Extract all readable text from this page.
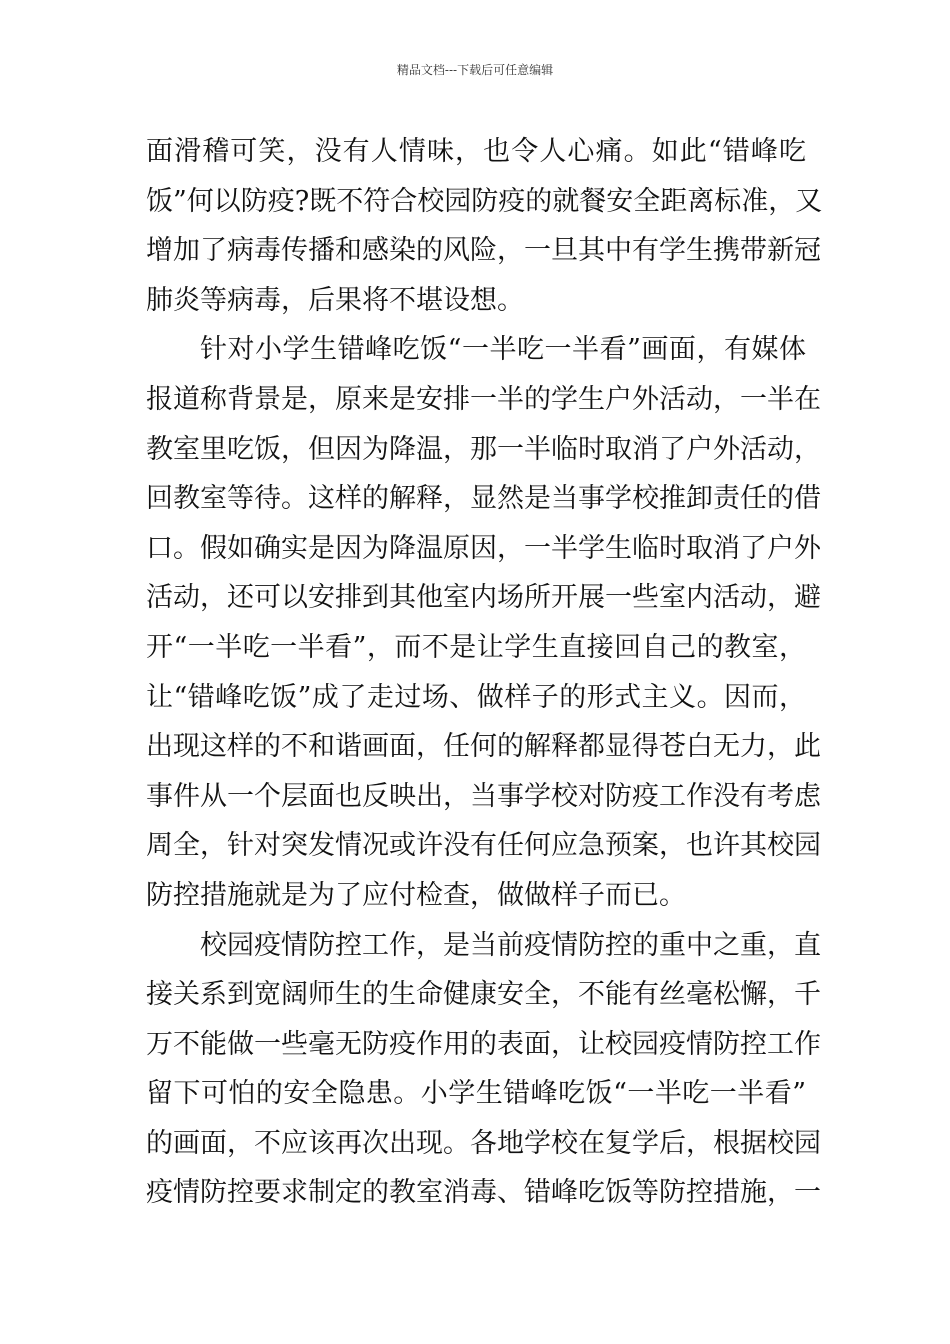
精品文档---下载后可任意编辑
面滑稽可笑，没有人情味，也令人心痛。如此“错峰吃
饭”何以防疫?既不符合校园防疫的就餐安全距离标准，又
增加了病毒传播和感染的风险，一旦其中有学生携带新冠
肺炎等病毒，后果将不堪设想。
针对小学生错峰吃饭“一半吃一半看”画面，有媒体
报道称背景是，原来是安排一半的学生户外活动，一半在
教室里吃饭，但因为降温，那一半临时取消了户外活动，
回教室等待。这样的解释，显然是当事学校推卸责任的借
口。假如确实是因为降温原因，一半学生临时取消了户外
活动，还可以安排到其他室内场所开展一些室内活动，避
开“一半吃一半看”，而不是让学生直接回自己的教室，
让“错峰吃饭”成了走过场、做样子的形式主义。因而，
出现这样的不和谐画面，任何的解释都显得苍白无力，此
事件从一个层面也反映出，当事学校对防疫工作没有考虑
周全，针对突发情况或许没有任何应急预案，也许其校园
防控措施就是为了应付检查，做做样子而已。
校园疫情防控工作，是当前疫情防控的重中之重，直
接关系到宽阔师生的生命健康安全，不能有丝毫松懈，千
万不能做一些毫无防疫作用的表面，让校园疫情防控工作
留下可怕的安全隐患。小学生错峰吃饭“一半吃一半看”
的画面，不应该再次出现。各地学校在复学后，根据校园
疫情防控要求制定的教室消毒、错峰吃饭等防控措施，一
